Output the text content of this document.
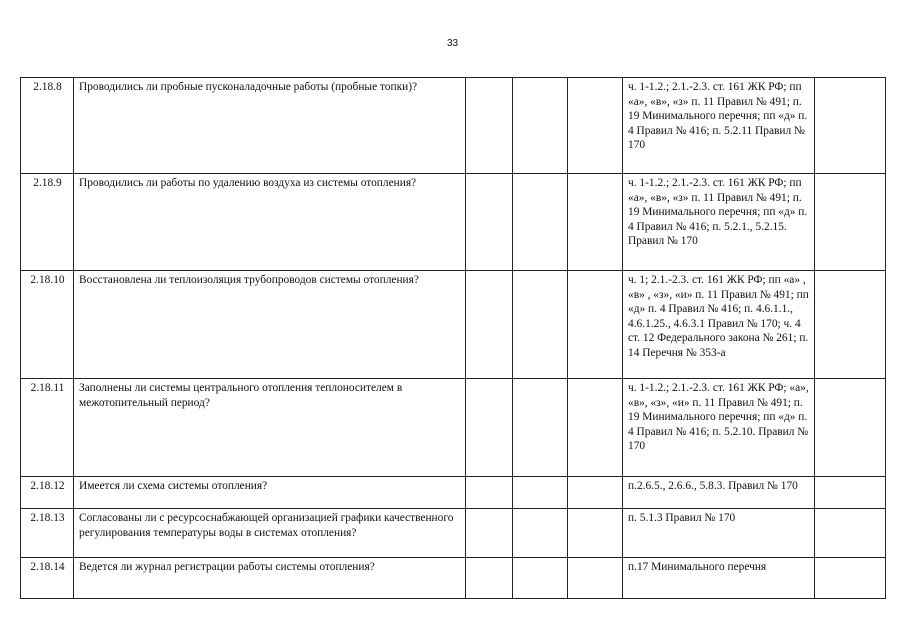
33
2.18.8	Проводились ли пробные пусконаладочные работы (пробные топки)?				ч. 1-1.2.; 2.1.-2.3. ст. 161 ЖК РФ; пп «а», «в», «з» п. 11 Правил № 491; п. 19 Минимального перечня; пп «д» п. 4 Правил № 416; п. 5.2.11 Правил № 170	
2.18.9	Проводились ли работы по удалению воздуха из системы отопления?				ч. 1-1.2.; 2.1.-2.3. ст. 161 ЖК РФ; пп «а», «в», «з» п. 11 Правил № 491; п. 19 Минимального перечня; пп «д» п. 4 Правил № 416; п. 5.2.1., 5.2.15. Правил № 170	
2.18.10	Восстановлена ли теплоизоляция трубопроводов системы отопления?				ч. 1; 2.1.-2.3. ст. 161 ЖК РФ; пп «а» , «в» , «з», «и» п. 11 Правил № 491; пп «д» п. 4 Правил № 416; п. 4.6.1.1., 4.6.1.25., 4.6.3.1 Правил № 170; ч. 4 ст. 12 Федерального закона № 261; п. 14 Перечня № 353-а	
2.18.11	Заполнены ли системы центрального отопления теплоносителем в межотопительный период?				ч. 1-1.2.; 2.1.-2.3. ст. 161 ЖК РФ; «а», «в», «з», «и» п. 11 Правил № 491; п. 19 Минимального перечня; пп «д» п. 4 Правил № 416; п. 5.2.10. Правил № 170	
2.18.12	Имеется ли схема системы отопления?				п.2.6.5., 2.6.6., 5.8.3. Правил № 170	
2.18.13	Согласованы ли с ресурсоснабжающей организацией графики качественного регулирования температуры воды в системах отопления?				п. 5.1.3 Правил № 170	
2.18.14	Ведется ли журнал регистрации работы системы отопления?				п.17 Минимального перечня	
